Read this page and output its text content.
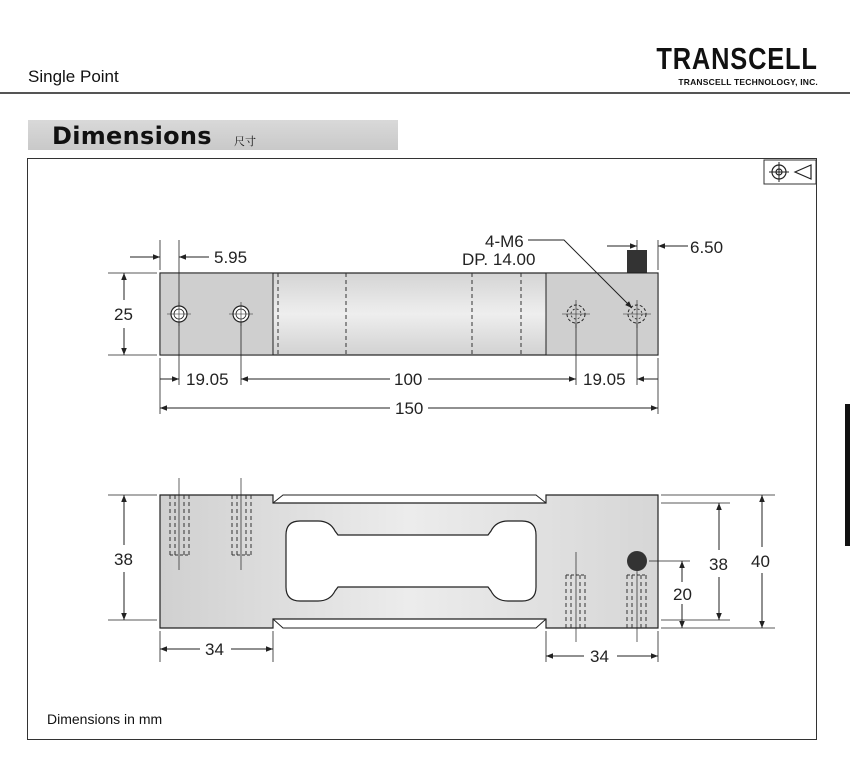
Single Point
TRANSCELL
TRANSCELL TECHNOLOGY, INC.
Dimensions 尺寸
5.95
6.50
4-M6
DP. 14.00
25
19.05	100	19.05
150
38	38 40
20
34	34
Dimensions in mm
